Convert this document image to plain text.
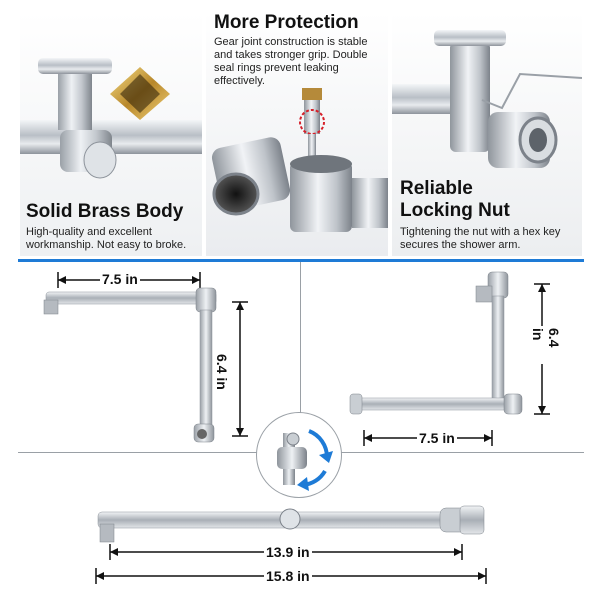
Solid Brass Body
High-quality and excellent workmanship. Not easy to broke.
More Protection
Gear joint construction is stable and takes stronger grip. Double seal rings prevent leaking effectively.
Reliable
Locking Nut
Tightening the nut with a hex key secures the shower arm.
7.5 in
6.4 in
6.4 in
7.5 in
13.9 in
15.8 in
